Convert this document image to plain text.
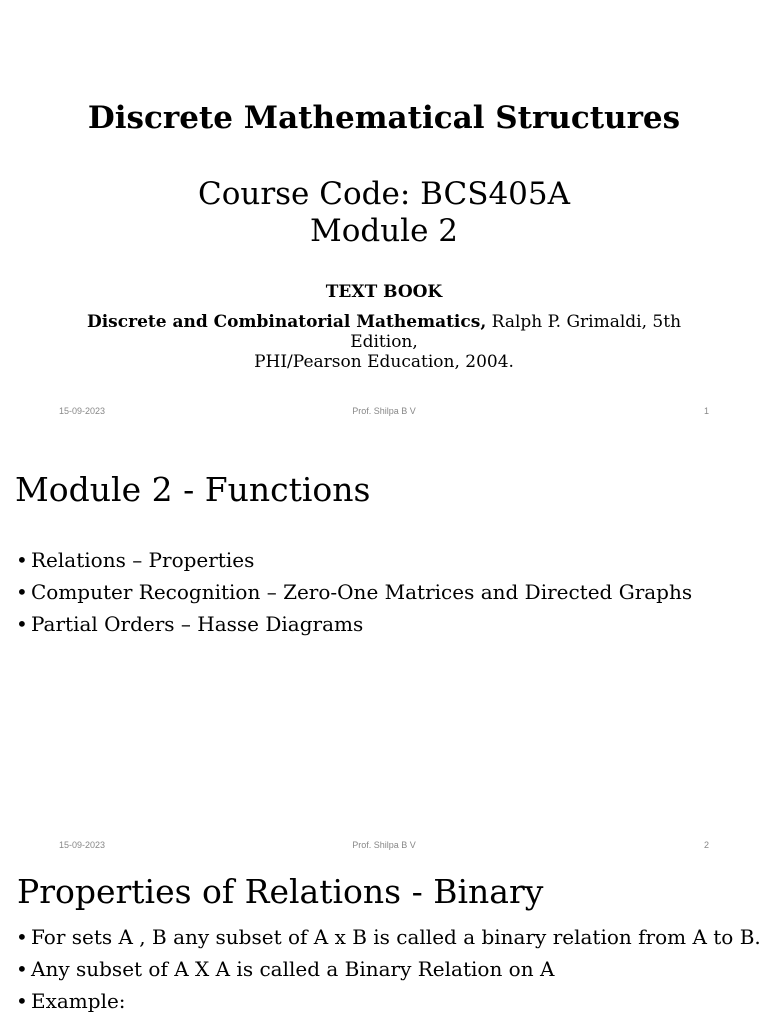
Discrete Mathematical Structures
Course Code: BCS405A
Module 2
TEXT BOOK
Discrete and Combinatorial Mathematics, Ralph P. Grimaldi, 5th Edition,
PHI/Pearson Education, 2004.
15-09-2023	Prof. Shilpa B V	1
Module 2 - Functions
• Relations – Properties
• Computer Recognition – Zero-One Matrices and Directed Graphs
• Partial Orders – Hasse Diagrams
15-09-2023	Prof. Shilpa B V	2
Properties of Relations - Binary
• For sets A , B any subset of A x B is called a binary relation from A to B.
• Any subset of A X A is called a Binary Relation on A
• Example:
